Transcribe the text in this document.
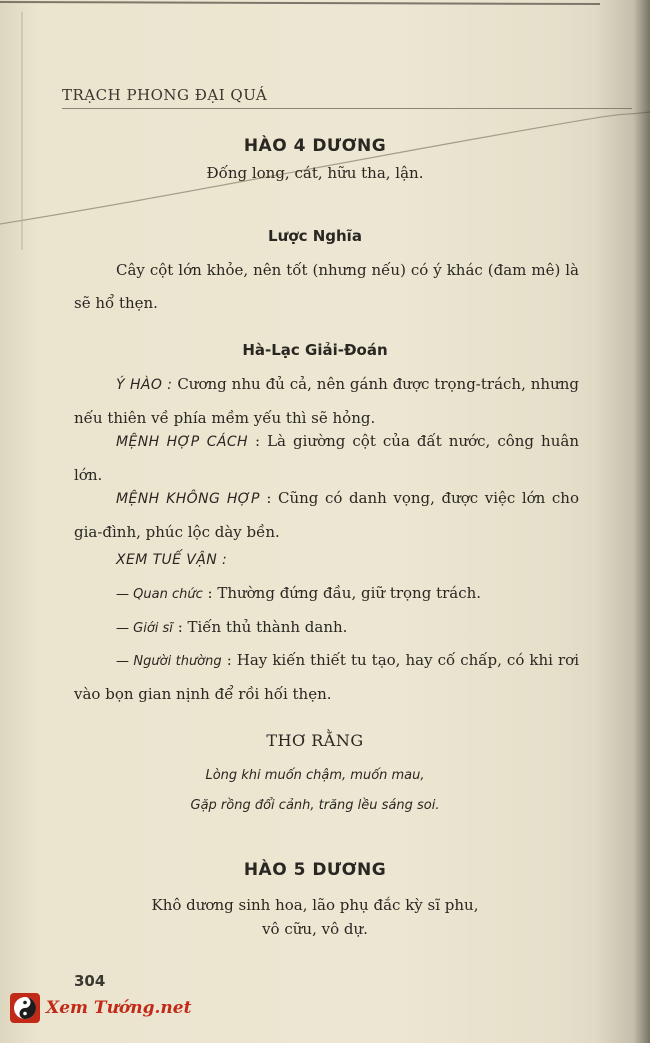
TRẠCH PHONG ĐẠI QUÁ
HÀO 4 DƯƠNG
Đống long, cát, hữu tha, lận.
Lược Nghĩa
Cây cột lớn khỏe, nên tốt (nhưng nếu) có ý khác (đam mê) là sẽ hổ thẹn.
Hà-Lạc Giải-Đoán
Ý HÀO : Cương nhu đủ cả, nên gánh được trọng-trách, nhưng nếu thiên về phía mềm yếu thì sẽ hỏng.
MỆNH HỢP CÁCH : Là giường cột của đất nước, công huân lớn.
MỆNH KHÔNG HỢP : Cũng có danh vọng, được việc lớn cho gia-đình, phúc lộc dày bền.
XEM TUẾ VẬN :
— Quan chức : Thường đứng đầu, giữ trọng trách.
— Giới sĩ : Tiến thủ thành danh.
— Người thường : Hay kiến thiết tu tạo, hay cố chấp, có khi rơi vào bọn gian nịnh để rồi hối thẹn.
THƠ RẰNG
Lòng khi muốn chậm, muốn mau,
Gặp rồng đổi cảnh, trăng lều sáng soi.
HÀO 5 DƯƠNG
Khô dương sinh hoa, lão phụ đắc kỳ sĩ phu,
vô cữu, vô dự.
304
Xem Tướng.net
